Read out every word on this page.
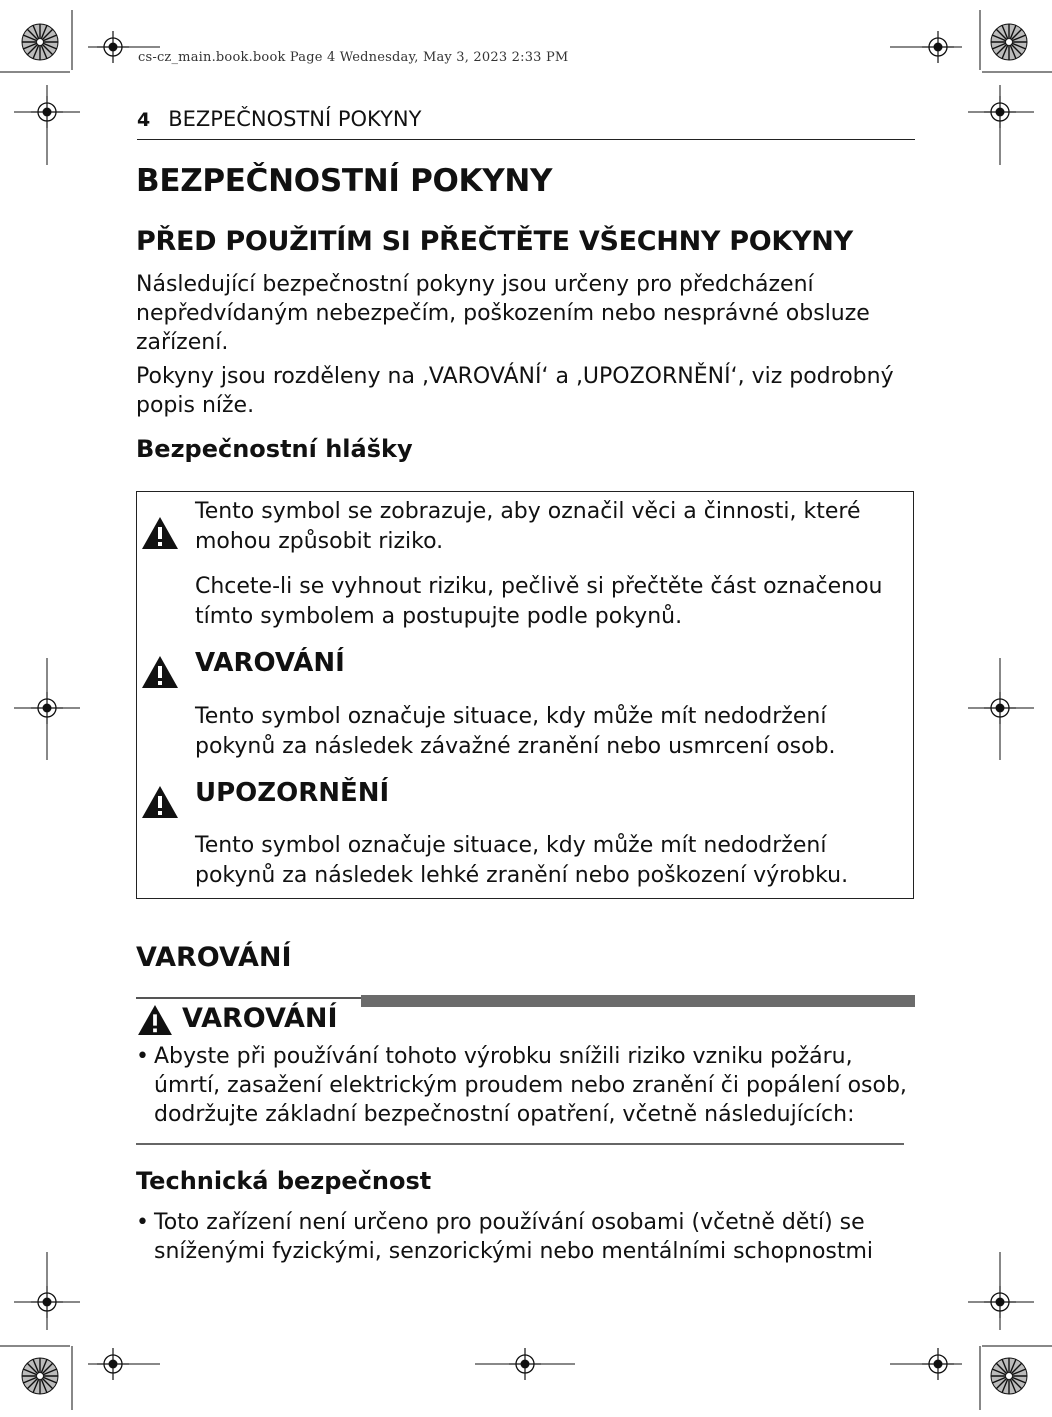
cs-cz_main.book.book Page 4 Wednesday, May 3, 2023 2:33 PM
4 BEZPEČNOSTNÍ POKYNY
BEZPEČNOSTNÍ POKYNY
PŘED POUŽITÍM SI PŘEČTĚTE VŠECHNY POKYNY
Následující bezpečnostní pokyny jsou určeny pro předcházení
nepředvídaným nebezpečím, poškozením nebo nesprávné obsluze
zařízení.
Pokyny jsou rozděleny na ‚VAROVÁNÍ‘ a ‚UPOZORNĚNÍ‘, viz podrobný
popis níže.
Bezpečnostní hlášky
Tento symbol se zobrazuje, aby označil věci a činnosti, které
mohou způsobit riziko.
Chcete-li se vyhnout riziku, pečlivě si přečtěte část označenou
tímto symbolem a postupujte podle pokynů.
VAROVÁNÍ
Tento symbol označuje situace, kdy může mít nedodržení
pokynů za následek závažné zranění nebo usmrcení osob.
UPOZORNĚNÍ
Tento symbol označuje situace, kdy může mít nedodržení
pokynů za následek lehké zranění nebo poškození výrobku.
VAROVÁNÍ
VAROVÁNÍ
• Abyste při používání tohoto výrobku snížili riziko vzniku požáru,
úmrtí, zasažení elektrickým proudem nebo zranění či popálení osob,
dodržujte základní bezpečnostní opatření, včetně následujících:
Technická bezpečnost
• Toto zařízení není určeno pro používání osobami (včetně dětí) se
sníženými fyzickými, senzorickými nebo mentálními schopnostmi
